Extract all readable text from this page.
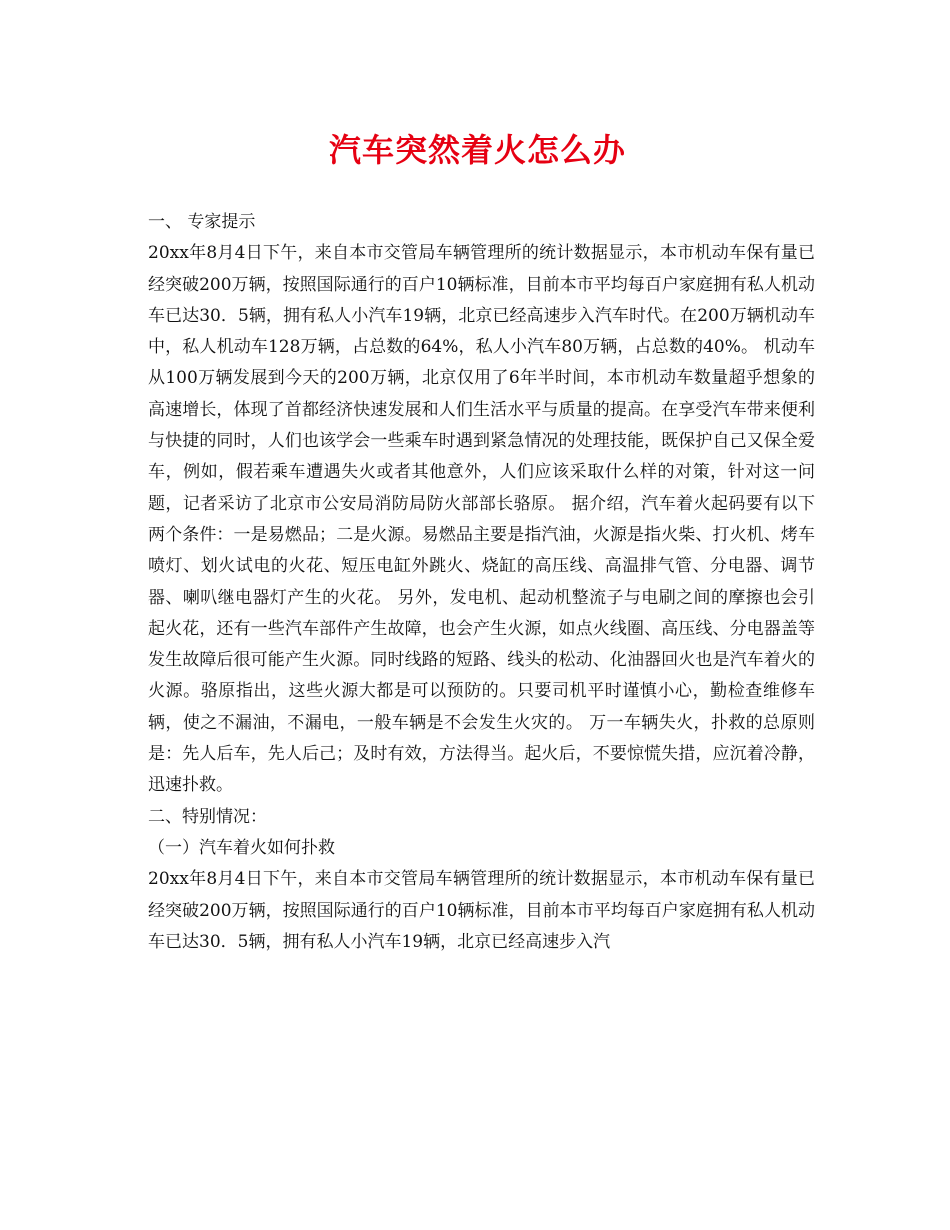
汽车突然着火怎么办
一、 专家提示
20xx年8月4日下午，来自本市交管局车辆管理所的统计数据显示，本市机动车保有量已经突破200万辆，按照国际通行的百户10辆标准，目前本市平均每百户家庭拥有私人机动车已达30．5辆，拥有私人小汽车19辆，北京已经高速步入汽车时代。在200万辆机动车中，私人机动车128万辆，占总数的64%，私人小汽车80万辆，占总数的40%。 机动车从100万辆发展到今天的200万辆，北京仅用了6年半时间，本市机动车数量超乎想象的高速增长，体现了首都经济快速发展和人们生活水平与质量的提高。在享受汽车带来便利与快捷的同时，人们也该学会一些乘车时遇到紧急情况的处理技能，既保护自己又保全爱车，例如，假若乘车遭遇失火或者其他意外，人们应该采取什么样的对策，针对这一问题，记者采访了北京市公安局消防局防火部部长骆原。 据介绍，汽车着火起码要有以下两个条件：一是易燃品；二是火源。易燃品主要是指汽油，火源是指火柴、打火机、烤车喷灯、划火试电的火花、短压电缸外跳火、烧缸的高压线、高温排气管、分电器、调节器、喇叭继电器灯产生的火花。 另外，发电机、起动机整流子与电刷之间的摩擦也会引起火花，还有一些汽车部件产生故障，也会产生火源，如点火线圈、高压线、分电器盖等发生故障后很可能产生火源。同时线路的短路、线头的松动、化油器回火也是汽车着火的火源。骆原指出，这些火源大都是可以预防的。只要司机平时谨慎小心，勤检查维修车辆，使之不漏油，不漏电，一般车辆是不会发生火灾的。 万一车辆失火，扑救的总原则是：先人后车，先人后己；及时有效，方法得当。起火后，不要惊慌失措，应沉着冷静，迅速扑救。
二、特别情况：
（一）汽车着火如何扑救
20xx年8月4日下午，来自本市交管局车辆管理所的统计数据显示，本市机动车保有量已经突破200万辆，按照国际通行的百户10辆标准，目前本市平均每百户家庭拥有私人机动车已达30．5辆，拥有私人小汽车19辆，北京已经高速步入汽
